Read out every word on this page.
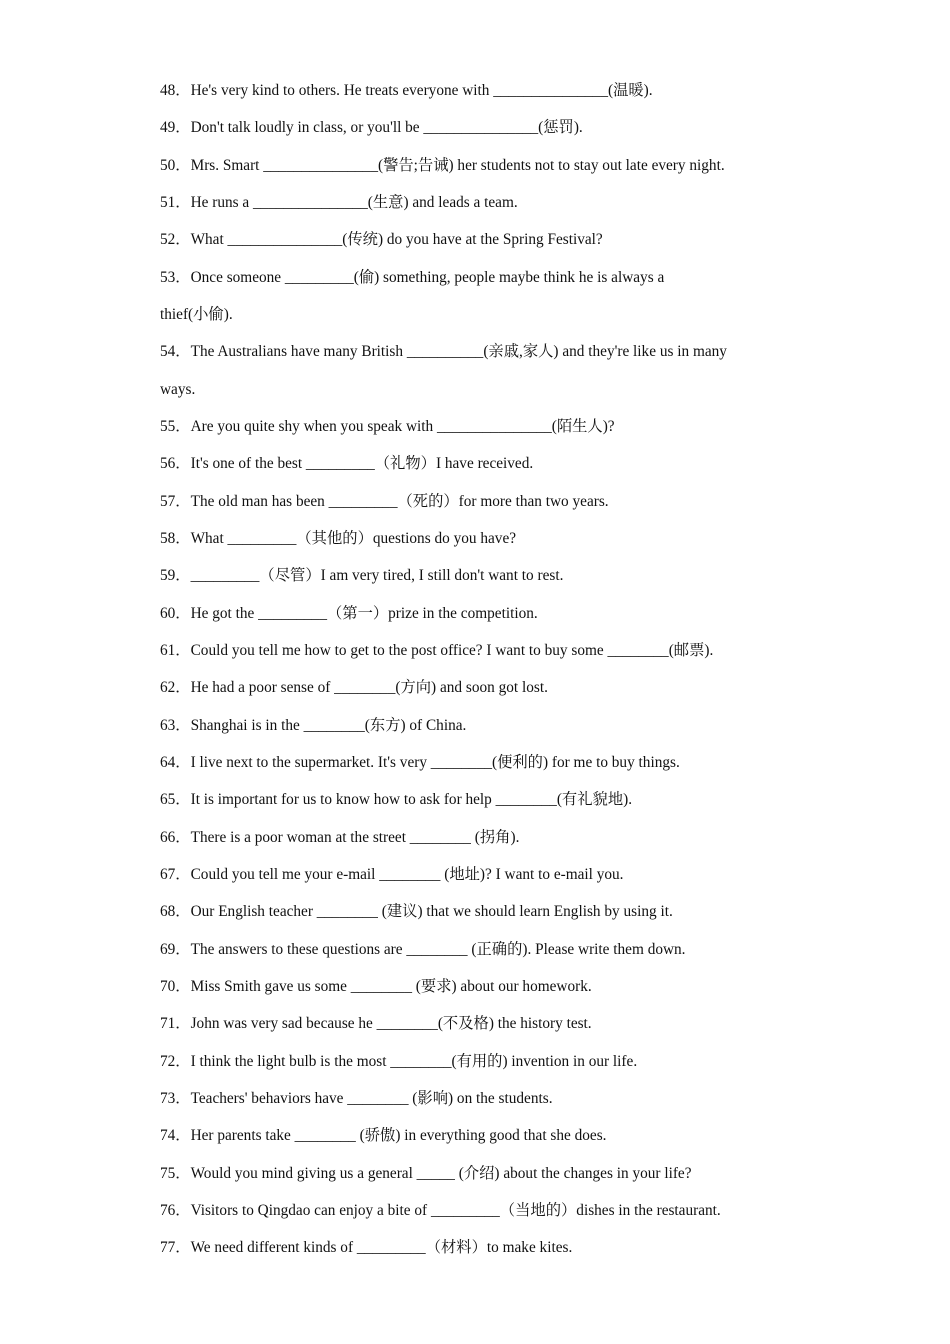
48．He's very kind to others. He treats everyone with _______________(温暖).
49．Don't talk loudly in class, or you'll be _______________(惩罚).
50．Mrs. Smart _______________(警告;告诫) her students not to stay out late every night.
51．He runs a _______________(生意) and leads a team.
52．What _______________(传统) do you have at the Spring Festival?
53．Once someone _________(偷) something, people maybe think he is always a
thief(小偷).
54．The Australians have many British __________(亲戚,家人) and they're like us in many
ways.
55．Are you quite shy when you speak with _______________(陌生人)?
56．It's one of the best _________（礼物）I have received.
57．The old man has been _________（死的）for more than two years.
58．What _________（其他的）questions do you have?
59．_________（尽管）I am very tired, I still don't want to rest.
60．He got the _________（第一）prize in the competition.
61．Could you tell me how to get to the post office? I want to buy some ________(邮票).
62．He had a poor sense of ________(方向) and soon got lost.
63．Shanghai is in the ________(东方) of China.
64．I live next to the supermarket. It's very ________(便利的) for me to buy things.
65．It is important for us to know how to ask for help ________(有礼貌地).
66．There is a poor woman at the street ________ (拐角).
67．Could you tell me your e-mail ________ (地址)? I want to e-mail you.
68．Our English teacher ________ (建议) that we should learn English by using it.
69．The answers to these questions are ________ (正确的). Please write them down.
70．Miss Smith gave us some ________ (要求) about our homework.
71．John was very sad because he ________(不及格) the history test.
72．I think the light bulb is the most ________(有用的) invention in our life.
73．Teachers' behaviors have ________ (影响) on the students.
74．Her parents take ________ (骄傲) in everything good that she does.
75．Would you mind giving us a general _____ (介绍) about the changes in your life?
76．Visitors to Qingdao can enjoy a bite of _________（当地的）dishes in the restaurant.
77．We need different kinds of _________（材料）to make kites.
